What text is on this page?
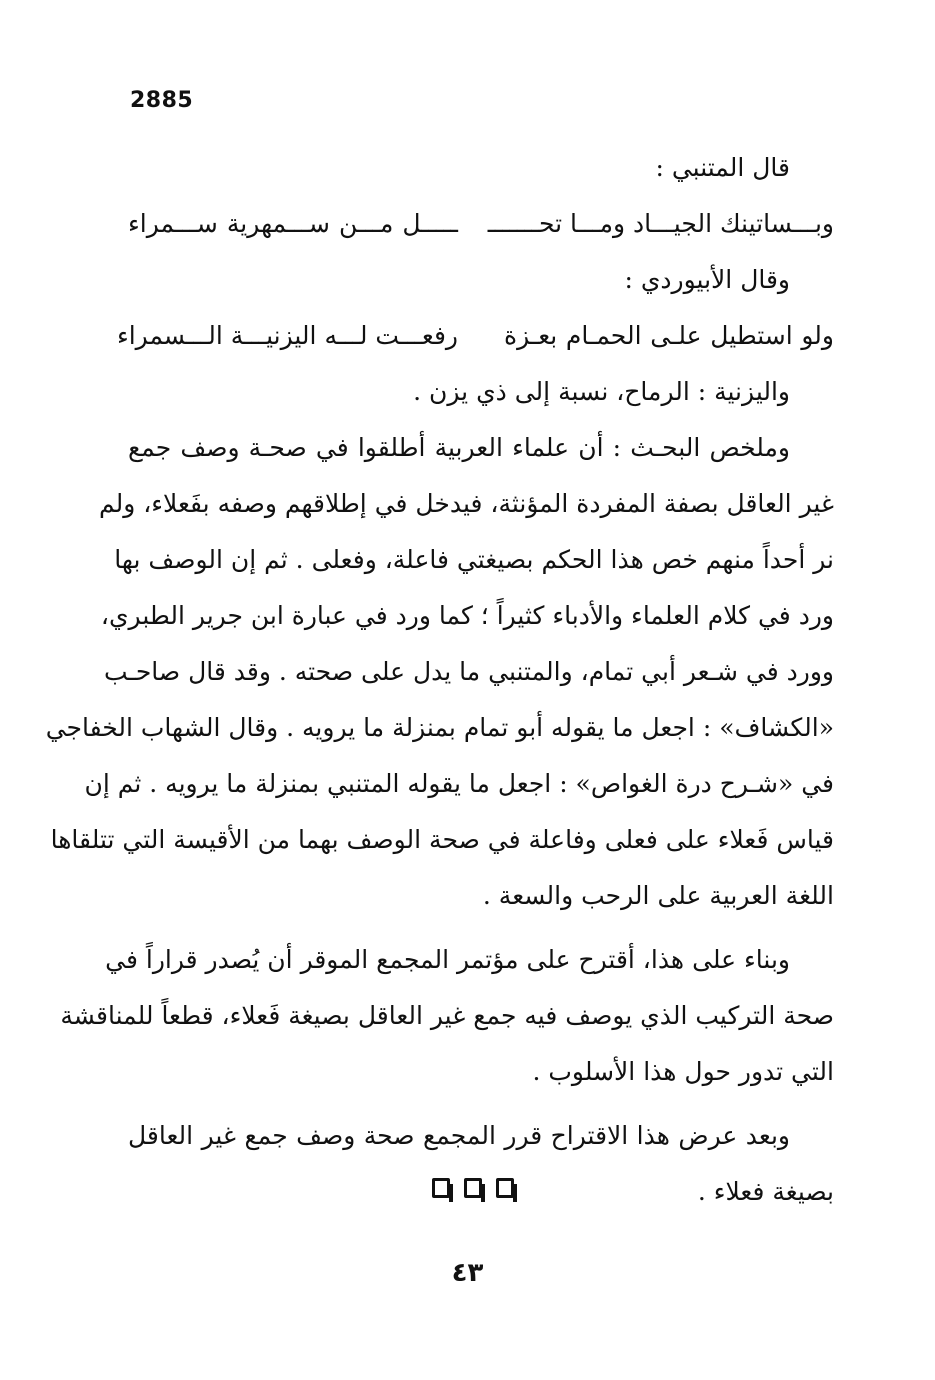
2885
قال المتنبي :
وبـــساتينك الجيـــاد ومـــا تحـــــــ
ـــــل مـــن ســـمهرية ســـمراء
وقال الأبيوردي :
ولو استطيل علـى الحمـام بعـزة
رفعـــت لـــه اليزنيـــة الـــسمراء
واليزنية : الرماح، نسبة إلى ذي يزن .
وملخص البحـث : أن علماء العربية أطلقوا في صحـة وصف جمع
غير العاقل بصفة المفردة المؤنثة، فيدخل في إطلاقهم وصفه بفَعلاء، ولم
نر أحداً منهم خص هذا الحكم بصيغتي فاعلة، وفعلى . ثم إن الوصف بها
ورد في كلام العلماء والأدباء كثيراً ؛ كما ورد في عبارة ابن جرير الطبري،
وورد في شـعر أبي تمام، والمتنبي ما يدل على صحته . وقد قال صاحـب
«الكشاف» : اجعل ما يقوله أبو تمام بمنزلة ما يرويه . وقال الشهاب الخفاجي
في «شـرح درة الغواص» : اجعل ما يقوله المتنبي بمنزلة ما يرويه . ثم إن
قياس فَعلاء على فعلى وفاعلة في صحة الوصف بهما من الأقيسة التي تتلقاها
اللغة العربية على الرحب والسعة .
وبناء على هذا، أقترح على مؤتمر المجمع الموقر أن يُصدر قراراً في
صحة التركيب الذي يوصف فيه جمع غير العاقل بصيغة فَعلاء، قطعاً للمناقشة
التي تدور حول هذا الأسلوب .
وبعد عرض هذا الاقتراح قرر المجمع صحة وصف جمع غير العاقل
بصيغة فعلاء .
٤٣
